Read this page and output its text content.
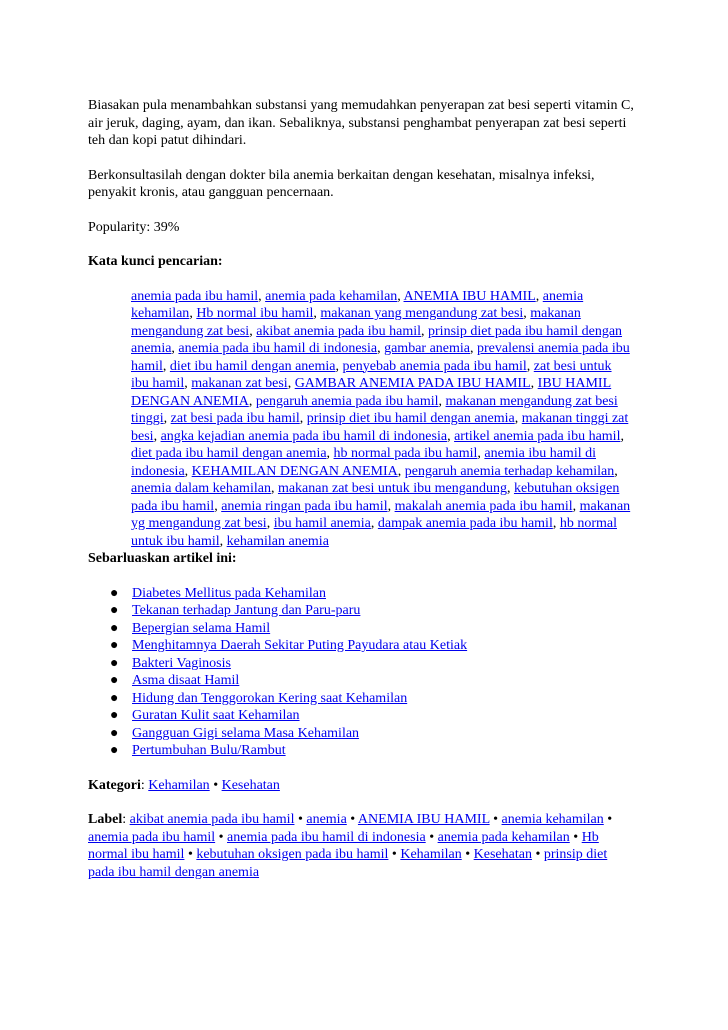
Biasakan pula menambahkan substansi yang memudahkan penyerapan zat besi seperti vitamin C, air jeruk, daging, ayam, dan ikan. Sebaliknya, substansi penghambat penyerapan zat besi seperti teh dan kopi patut dihindari.

Berkonsultasilah dengan dokter bila anemia berkaitan dengan kesehatan, misalnya infeksi, penyakit kronis, atau gangguan pencernaan.

Popularity: 39%

Kata kunci pencarian:

anemia pada ibu hamil, anemia pada kehamilan, ANEMIA IBU HAMIL, anemia kehamilan, Hb normal ibu hamil, makanan yang mengandung zat besi, makanan mengandung zat besi, akibat anemia pada ibu hamil, prinsip diet pada ibu hamil dengan anemia, anemia pada ibu hamil di indonesia, gambar anemia, prevalensi anemia pada ibu hamil, diet ibu hamil dengan anemia, penyebab anemia pada ibu hamil, zat besi untuk ibu hamil, makanan zat besi, GAMBAR ANEMIA PADA IBU HAMIL, IBU HAMIL DENGAN ANEMIA, pengaruh anemia pada ibu hamil, makanan mengandung zat besi tinggi, zat besi pada ibu hamil, prinsip diet ibu hamil dengan anemia, makanan tinggi zat besi, angka kejadian anemia pada ibu hamil di indonesia, artikel anemia pada ibu hamil, diet pada ibu hamil dengan anemia, hb normal pada ibu hamil, anemia ibu hamil di indonesia, KEHAMILAN DENGAN ANEMIA, pengaruh anemia terhadap kehamilan, anemia dalam kehamilan, makanan zat besi untuk ibu mengandung, kebutuhan oksigen pada ibu hamil, anemia ringan pada ibu hamil, makalah anemia pada ibu hamil, makanan yg mengandung zat besi, ibu hamil anemia, dampak anemia pada ibu hamil, hb normal untuk ibu hamil, kehamilan anemia

Sebarluaskan artikel ini:

● Diabetes Mellitus pada Kehamilan
● Tekanan terhadap Jantung dan Paru-paru
● Bepergian selama Hamil
● Menghitamnya Daerah Sekitar Puting Payudara atau Ketiak
● Bakteri Vaginosis
● Asma disaat Hamil
● Hidung dan Tenggorokan Kering saat Kehamilan
● Guratan Kulit saat Kehamilan
● Gangguan Gigi selama Masa Kehamilan
● Pertumbuhan Bulu/Rambut

Kategori: Kehamilan • Kesehatan

Label: akibat anemia pada ibu hamil • anemia • ANEMIA IBU HAMIL • anemia kehamilan • anemia pada ibu hamil • anemia pada ibu hamil di indonesia • anemia pada kehamilan • Hb normal ibu hamil • kebutuhan oksigen pada ibu hamil • Kehamilan • Kesehatan • prinsip diet pada ibu hamil dengan anemia
